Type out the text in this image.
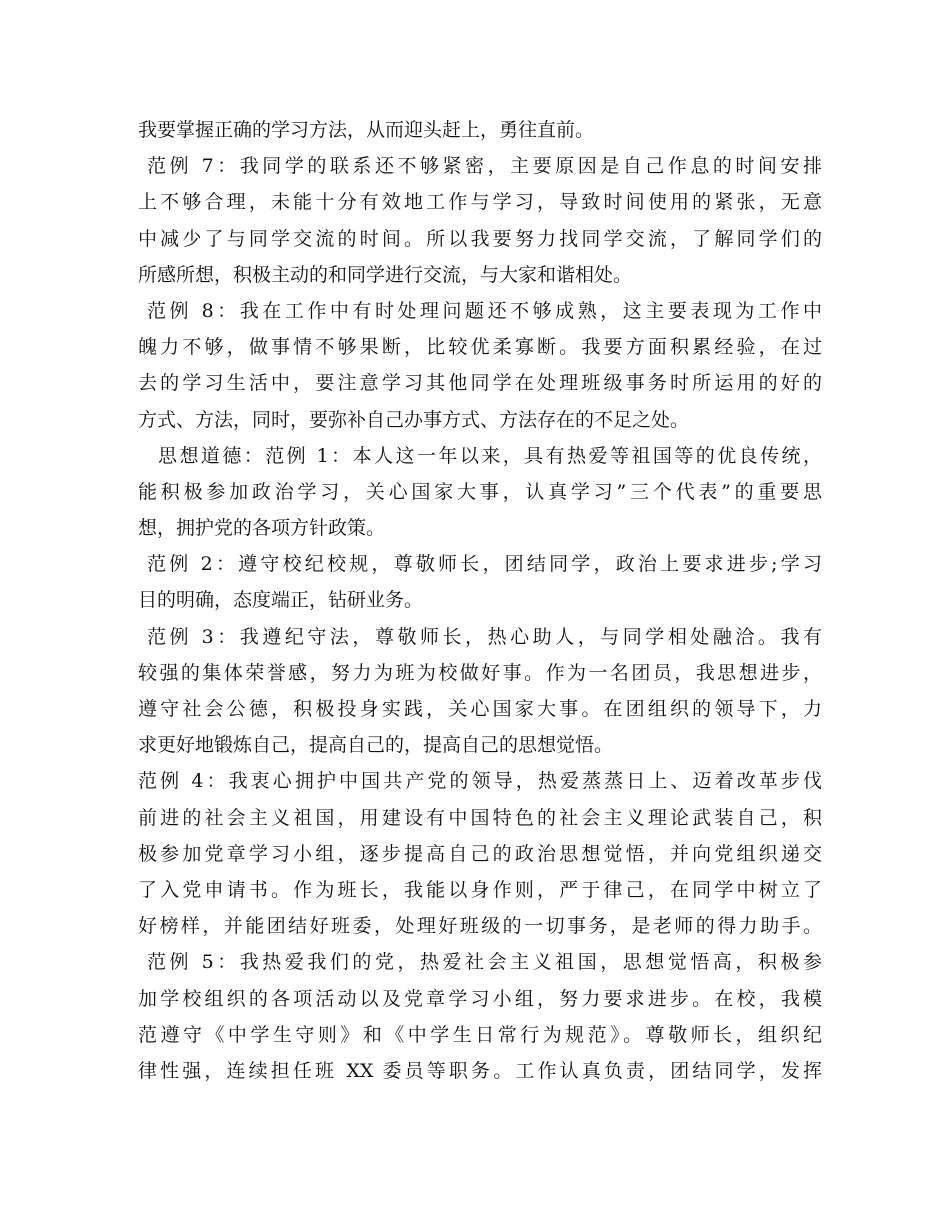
我要掌握正确的学习方法，从而迎头赶上，勇往直前。
范例 7：我同学的联系还不够紧密，主要原因是自己作息的时间安排
上不够合理，未能十分有效地工作与学习，导致时间使用的紧张，无意
中减少了与同学交流的时间。所以我要努力找同学交流，了解同学们的
所感所想，积极主动的和同学进行交流，与大家和谐相处。
范例 8：我在工作中有时处理问题还不够成熟，这主要表现为工作中
魄力不够，做事情不够果断，比较优柔寡断。我要方面积累经验，在过
去的学习生活中，要注意学习其他同学在处理班级事务时所运用的好的
方式、方法，同时，要弥补自己办事方式、方法存在的不足之处。
思想道德：范例 1：本人这一年以来，具有热爱等祖国等的优良传统，
能积极参加政治学习，关心国家大事，认真学习”三个代表”的重要思
想，拥护党的各项方针政策。
范例 2：遵守校纪校规，尊敬师长，团结同学，政治上要求进步;学习
目的明确，态度端正，钻研业务。
范例 3：我遵纪守法，尊敬师长，热心助人，与同学相处融洽。我有
较强的集体荣誉感，努力为班为校做好事。作为一名团员，我思想进步，
遵守社会公德，积极投身实践，关心国家大事。在团组织的领导下，力
求更好地锻炼自己，提高自己的，提高自己的思想觉悟。
范例 4：我衷心拥护中国共产党的领导，热爱蒸蒸日上、迈着改革步伐
前进的社会主义祖国，用建设有中国特色的社会主义理论武装自己，积
极参加党章学习小组，逐步提高自己的政治思想觉悟，并向党组织递交
了入党申请书。作为班长，我能以身作则，严于律己，在同学中树立了
好榜样，并能团结好班委，处理好班级的一切事务，是老师的得力助手。
范例 5：我热爱我们的党，热爱社会主义祖国，思想觉悟高，积极参
加学校组织的各项活动以及党章学习小组，努力要求进步。在校，我模
范遵守《中学生守则》和《中学生日常行为规范》。尊敬师长，组织纪
律性强，连续担任班 XX 委员等职务。工作认真负责，团结同学，发挥
